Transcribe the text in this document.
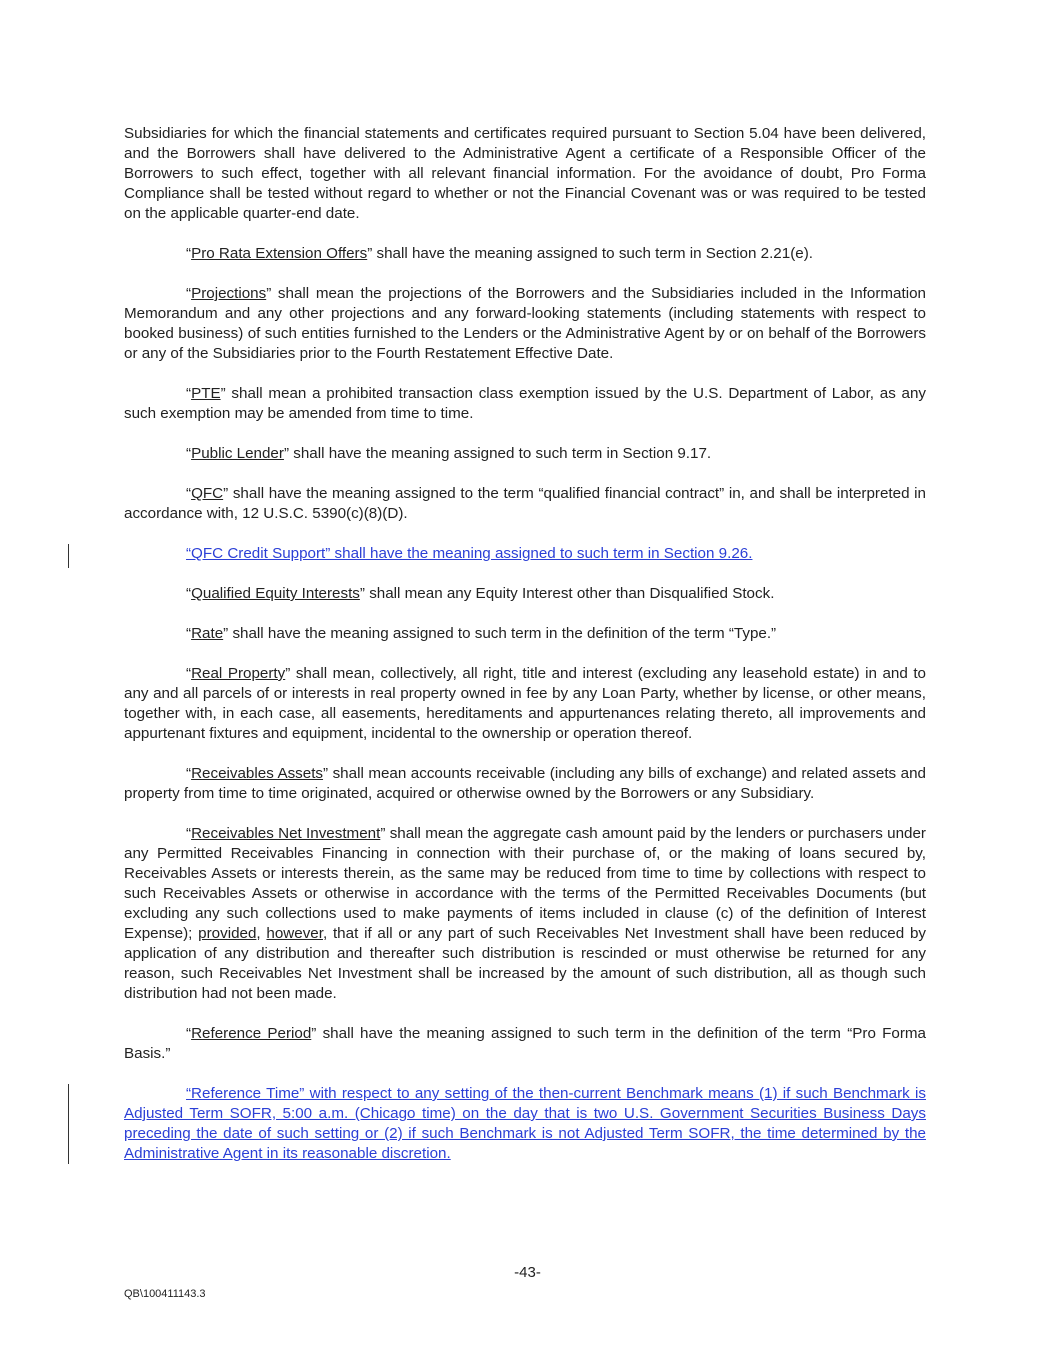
Subsidiaries for which the financial statements and certificates required pursuant to Section 5.04 have been delivered, and the Borrowers shall have delivered to the Administrative Agent a certificate of a Responsible Officer of the Borrowers to such effect, together with all relevant financial information. For the avoidance of doubt, Pro Forma Compliance shall be tested without regard to whether or not the Financial Covenant was or was required to be tested on the applicable quarter-end date.

“Pro Rata Extension Offers” shall have the meaning assigned to such term in Section 2.21(e).

“Projections” shall mean the projections of the Borrowers and the Subsidiaries included in the Information Memorandum and any other projections and any forward-looking statements (including statements with respect to booked business) of such entities furnished to the Lenders or the Administrative Agent by or on behalf of the Borrowers or any of the Subsidiaries prior to the Fourth Restatement Effective Date.

“PTE” shall mean a prohibited transaction class exemption issued by the U.S. Department of Labor, as any such exemption may be amended from time to time.

“Public Lender” shall have the meaning assigned to such term in Section 9.17.

“QFC” shall have the meaning assigned to the term “qualified financial contract” in, and shall be interpreted in accordance with, 12 U.S.C. 5390(c)(8)(D).

“QFC Credit Support” shall have the meaning assigned to such term in Section 9.26.

“Qualified Equity Interests” shall mean any Equity Interest other than Disqualified Stock.

“Rate” shall have the meaning assigned to such term in the definition of the term “Type.”

“Real Property” shall mean, collectively, all right, title and interest (excluding any leasehold estate) in and to any and all parcels of or interests in real property owned in fee by any Loan Party, whether by license, or other means, together with, in each case, all easements, hereditaments and appurtenances relating thereto, all improvements and appurtenant fixtures and equipment, incidental to the ownership or operation thereof.

“Receivables Assets” shall mean accounts receivable (including any bills of exchange) and related assets and property from time to time originated, acquired or otherwise owned by the Borrowers or any Subsidiary.

“Receivables Net Investment” shall mean the aggregate cash amount paid by the lenders or purchasers under any Permitted Receivables Financing in connection with their purchase of, or the making of loans secured by, Receivables Assets or interests therein, as the same may be reduced from time to time by collections with respect to such Receivables Assets or otherwise in accordance with the terms of the Permitted Receivables Documents (but excluding any such collections used to make payments of items included in clause (c) of the definition of Interest Expense); provided, however, that if all or any part of such Receivables Net Investment shall have been reduced by application of any distribution and thereafter such distribution is rescinded or must otherwise be returned for any reason, such Receivables Net Investment shall be increased by the amount of such distribution, all as though such distribution had not been made.

“Reference Period” shall have the meaning assigned to such term in the definition of the term “Pro Forma Basis.”

“Reference Time” with respect to any setting of the then-current Benchmark means (1) if such Benchmark is Adjusted Term SOFR, 5:00 a.m. (Chicago time) on the day that is two U.S. Government Securities Business Days preceding the date of such setting or (2) if such Benchmark is not Adjusted Term SOFR, the time determined by the Administrative Agent in its reasonable discretion.

-43-
QB\100411143.3
